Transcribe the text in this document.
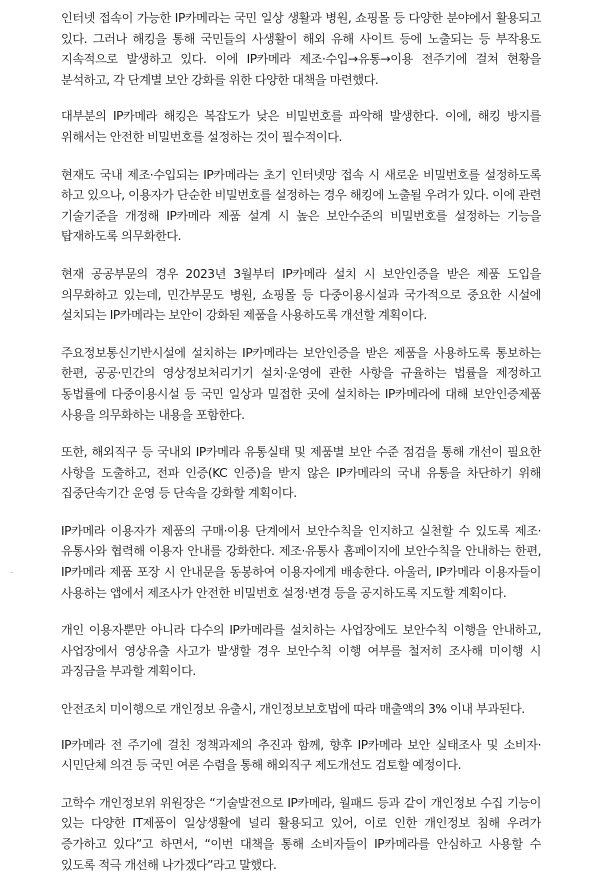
인터넷 접속이 가능한 IP카메라는 국민 일상 생활과 병원, 쇼핑몰 등 다양한 분야에서 활용되고 있다. 그러나 해킹을 통해 국민들의 사생활이 해외 유해 사이트 등에 노출되는 등 부작용도 지속적으로 발생하고 있다. 이에 IP카메라 제조·수입→유통→이용 전주기에 걸쳐 현황을 분석하고, 각 단계별 보안 강화를 위한 다양한 대책을 마련했다.

대부분의 IP카메라 해킹은 복잡도가 낮은 비밀번호를 파악해 발생한다. 이에, 해킹 방지를 위해서는 안전한 비밀번호를 설정하는 것이 필수적이다.

현재도 국내 제조·수입되는 IP카메라는 초기 인터넷망 접속 시 새로운 비밀번호를 설정하도록 하고 있으나, 이용자가 단순한 비밀번호를 설정하는 경우 해킹에 노출될 우려가 있다. 이에 관련 기술기준을 개정해 IP카메라 제품 설계 시 높은 보안수준의 비밀번호를 설정하는 기능을 탑재하도록 의무화한다.

현재 공공부문의 경우 2023년 3월부터 IP카메라 설치 시 보안인증을 받은 제품 도입을 의무화하고 있는데, 민간부문도 병원, 쇼핑몰 등 다중이용시설과 국가적으로 중요한 시설에 설치되는 IP카메라는 보안이 강화된 제품을 사용하도록 개선할 계획이다.

주요정보통신기반시설에 설치하는 IP카메라는 보안인증을 받은 제품을 사용하도록 통보하는 한편, 공공·민간의 영상정보처리기기 설치·운영에 관한 사항을 규율하는 법률을 제정하고 동법률에 다중이용시설 등 국민 일상과 밀접한 곳에 설치하는 IP카메라에 대해 보안인증제품 사용을 의무화하는 내용을 포함한다.

또한, 해외직구 등 국내외 IP카메라 유통실태 및 제품별 보안 수준 점검을 통해 개선이 필요한 사항을 도출하고, 전파 인증(KC 인증)을 받지 않은 IP카메라의 국내 유통을 차단하기 위해 집중단속기간 운영 등 단속을 강화할 계획이다.

IP카메라 이용자가 제품의 구매·이용 단계에서 보안수칙을 인지하고 실천할 수 있도록 제조·유통사와 협력해 이용자 안내를 강화한다. 제조·유통사 홈페이지에 보안수칙을 안내하는 한편, IP카메라 제품 포장 시 안내문을 동봉하여 이용자에게 배송한다. 아울러, IP카메라 이용자들이 사용하는 앱에서 제조사가 안전한 비밀번호 설정·변경 등을 공지하도록 지도할 계획이다.

개인 이용자뿐만 아니라 다수의 IP카메라를 설치하는 사업장에도 보안수칙 이행을 안내하고, 사업장에서 영상유출 사고가 발생할 경우 보안수칙 이행 여부를 철저히 조사해 미이행 시 과징금을 부과할 계획이다.

안전조치 미이행으로 개인정보 유출시, 개인정보보호법에 따라 매출액의 3% 이내 부과된다.

IP카메라 전 주기에 걸친 정책과제의 추진과 함께, 향후 IP카메라 보안 실태조사 및 소비자·시민단체 의견 등 국민 여론 수렴을 통해 해외직구 제도개선도 검토할 예정이다.

고학수 개인정보위 위원장은 “기술발전으로 IP카메라, 월패드 등과 같이 개인정보 수집 기능이 있는 다양한 IT제품이 일상생활에 널리 활용되고 있어, 이로 인한 개인정보 침해 우려가 증가하고 있다”고 하면서, “이번 대책을 통해 소비자들이 IP카메라를 안심하고 사용할 수 있도록 적극 개선해 나가겠다”라고 말했다.
